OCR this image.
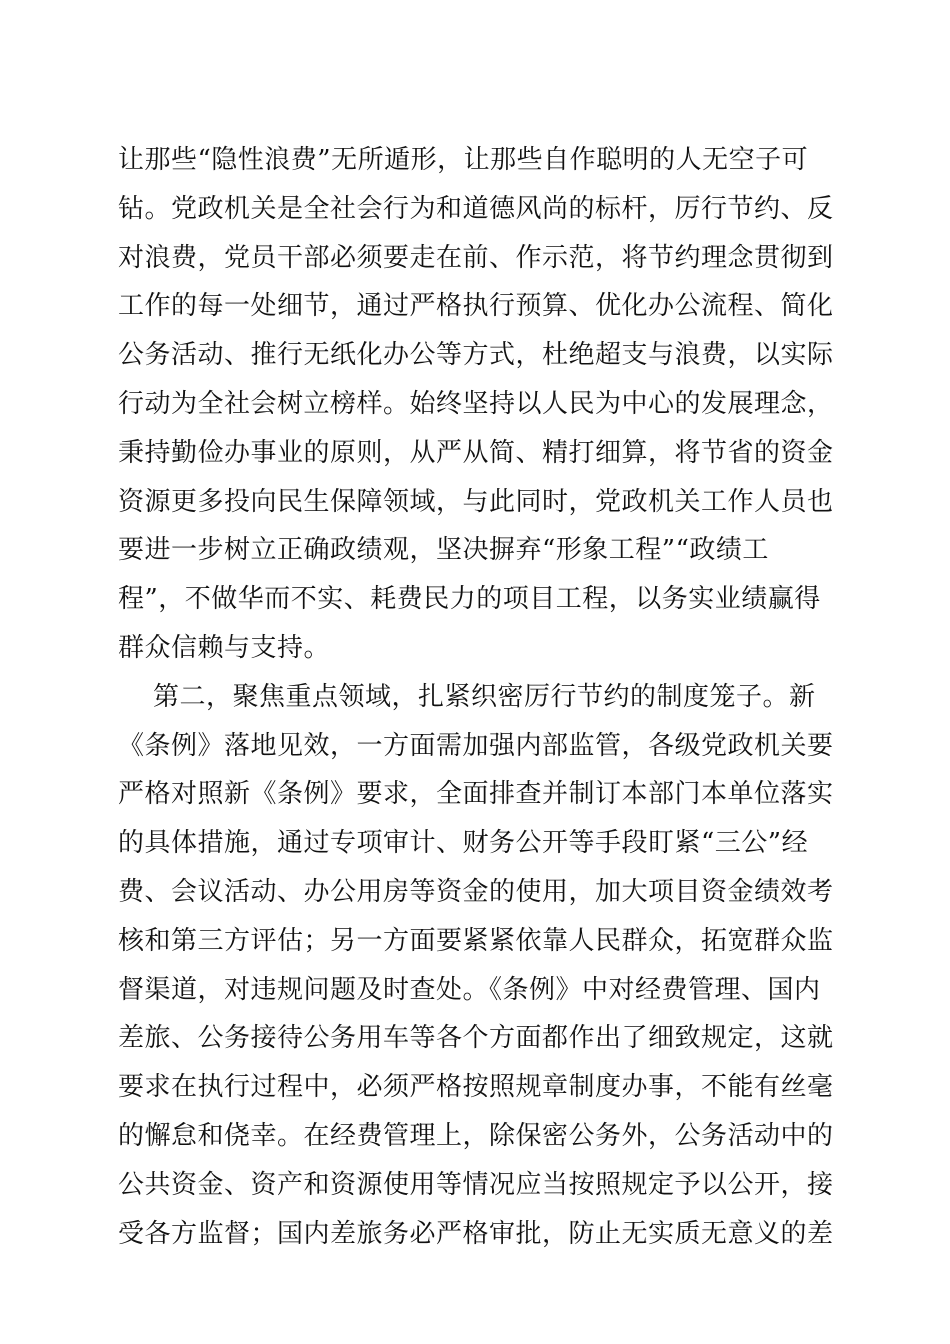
让那些“隐性浪费”无所遁形，让那些自作聪明的人无空子可
钻。党政机关是全社会行为和道德风尚的标杆，厉行节约、反
对浪费，党员干部必须要走在前、作示范，将节约理念贯彻到
工作的每一处细节，通过严格执行预算、优化办公流程、简化
公务活动、推行无纸化办公等方式，杜绝超支与浪费，以实际
行动为全社会树立榜样。始终坚持以人民为中心的发展理念，
秉持勤俭办事业的原则，从严从简、精打细算，将节省的资金
资源更多投向民生保障领域，与此同时，党政机关工作人员也
要进一步树立正确政绩观，坚决摒弃“形象工程”“政绩工
程”，不做华而不实、耗费民力的项目工程，以务实业绩赢得
群众信赖与支持。
第二，聚焦重点领域，扎紧织密厉行节约的制度笼子。新
《条例》落地见效，一方面需加强内部监管，各级党政机关要
严格对照新《条例》要求，全面排查并制订本部门本单位落实
的具体措施，通过专项审计、财务公开等手段盯紧“三公”经
费、会议活动、办公用房等资金的使用，加大项目资金绩效考
核和第三方评估；另一方面要紧紧依靠人民群众，拓宽群众监
督渠道，对违规问题及时查处。《条例》中对经费管理、国内
差旅、公务接待公务用车等各个方面都作出了细致规定，这就
要求在执行过程中，必须严格按照规章制度办事，不能有丝毫
的懈怠和侥幸。在经费管理上，除保密公务外，公务活动中的
公共资金、资产和资源使用等情况应当按照规定予以公开，接
受各方监督；国内差旅务必严格审批，防止无实质无意义的差
